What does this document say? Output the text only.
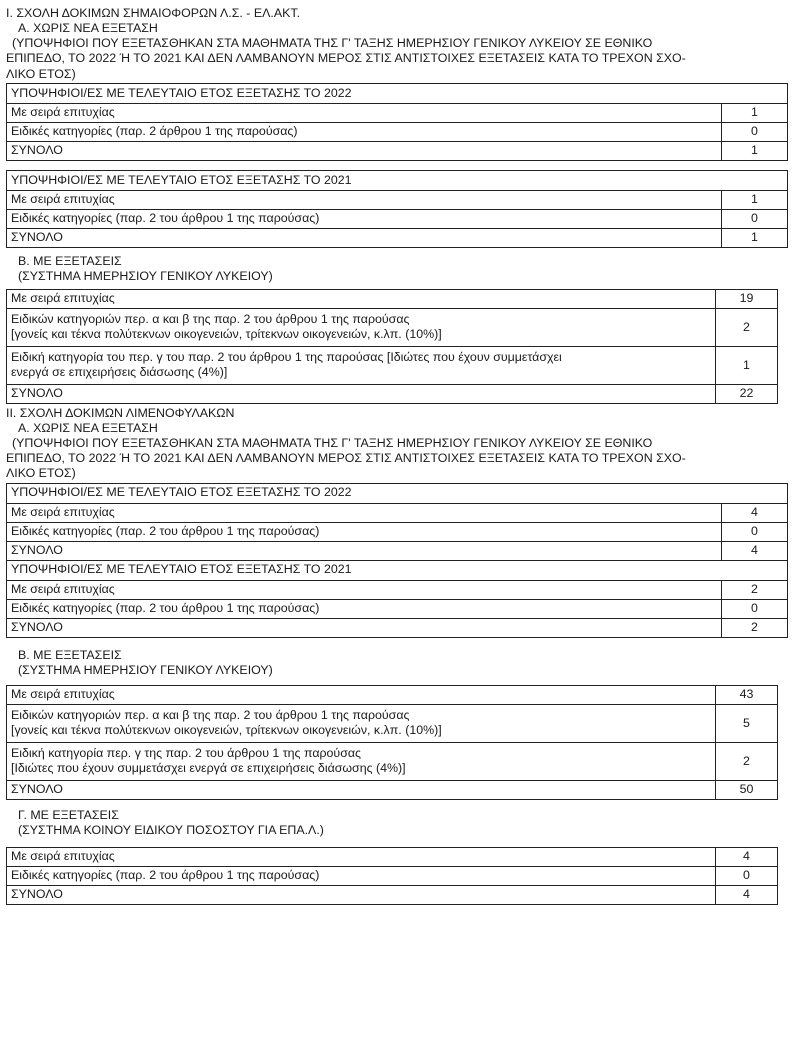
I. ΣΧΟΛΗ ΔΟΚΙΜΩΝ ΣΗΜΑΙΟΦΟΡΩΝ Λ.Σ. - ΕΛ.ΑΚΤ.
Α. ΧΩΡΙΣ ΝΕΑ ΕΞΕΤΑΣΗ
(ΥΠΟΨΗΦΙΟΙ ΠΟΥ ΕΞΕΤΑΣΘΗΚΑΝ ΣΤΑ ΜΑΘΗΜΑΤΑ ΤΗΣ Γ' ΤΑΞΗΣ ΗΜΕΡΗΣΙΟΥ ΓΕΝΙΚΟΥ ΛΥΚΕΙΟΥ ΣΕ ΕΘΝΙΚΟ
ΕΠΙΠΕΔΟ, ΤΟ 2022 Ή ΤΟ 2021 ΚΑΙ ΔΕΝ ΛΑΜΒΑΝΟΥΝ ΜΕΡΟΣ ΣΤΙΣ ΑΝΤΙΣΤΟΙΧΕΣ ΕΞΕΤΑΣΕΙΣ ΚΑΤΑ ΤΟ ΤΡΕΧΟΝ ΣΧΟ-
ΛΙΚΟ ΕΤΟΣ)
ΥΠΟΨΗΦΙΟΙ/ΕΣ ΜΕ ΤΕΛΕΥΤΑΙΟ ΕΤΟΣ ΕΞΕΤΑΣΗΣ ΤΟ 2022	
Με σειρά επιτυχίας	1
Ειδικές κατηγορίες (παρ. 2 άρθρου 1 της παρούσας)	0
ΣΥΝΟΛΟ	1
ΥΠΟΨΗΦΙΟΙ/ΕΣ ΜΕ ΤΕΛΕΥΤΑΙΟ ΕΤΟΣ ΕΞΕΤΑΣΗΣ ΤΟ 2021	
Με σειρά επιτυχίας	1
Ειδικές κατηγορίες (παρ. 2 του άρθρου 1 της παρούσας)	0
ΣΥΝΟΛΟ	1
Β. ΜΕ ΕΞΕΤΑΣΕΙΣ
(ΣΥΣΤΗΜΑ ΗΜΕΡΗΣΙΟΥ ΓΕΝΙΚΟΥ ΛΥΚΕΙΟΥ)
Με σειρά επιτυχίας	19

Ειδικών κατηγοριών περ. α και β της παρ. 2 του άρθρου 1 της παρούσας
[γονείς και τέκνα πολύτεκνων οικογενειών, τρίτεκνων οικογενειών, κ.λπ. (10%)]	2

Ειδική κατηγορία του περ. γ του παρ. 2 του άρθρου 1 της παρούσας [Ιδιώτες που έχουν συμμετάσχει
ενεργά σε επιχειρήσεις διάσωσης (4%)]	1
ΣΥΝΟΛΟ	22
ΙΙ. ΣΧΟΛΗ ΔΟΚΙΜΩΝ ΛΙΜΕΝΟΦΥΛΑΚΩΝ
Α. ΧΩΡΙΣ ΝΕΑ ΕΞΕΤΑΣΗ
(ΥΠΟΨΗΦΙΟΙ ΠΟΥ ΕΞΕΤΑΣΘΗΚΑΝ ΣΤΑ ΜΑΘΗΜΑΤΑ ΤΗΣ Γ' ΤΑΞΗΣ ΗΜΕΡΗΣΙΟΥ ΓΕΝΙΚΟΥ ΛΥΚΕΙΟΥ ΣΕ ΕΘΝΙΚΟ
ΕΠΙΠΕΔΟ, ΤΟ 2022 Ή ΤΟ 2021 ΚΑΙ ΔΕΝ ΛΑΜΒΑΝΟΥΝ ΜΕΡΟΣ ΣΤΙΣ ΑΝΤΙΣΤΟΙΧΕΣ ΕΞΕΤΑΣΕΙΣ ΚΑΤΑ ΤΟ ΤΡΕΧΟΝ ΣΧΟ-
ΛΙΚΟ ΕΤΟΣ)
ΥΠΟΨΗΦΙΟΙ/ΕΣ ΜΕ ΤΕΛΕΥΤΑΙΟ ΕΤΟΣ ΕΞΕΤΑΣΗΣ ΤΟ 2022	
Με σειρά επιτυχίας	4
Ειδικές κατηγορίες (παρ. 2 του άρθρου 1 της παρούσας)	0
ΣΥΝΟΛΟ	4
ΥΠΟΨΗΦΙΟΙ/ΕΣ ΜΕ ΤΕΛΕΥΤΑΙΟ ΕΤΟΣ ΕΞΕΤΑΣΗΣ ΤΟ 2021	
Με σειρά επιτυχίας	2
Ειδικές κατηγορίες (παρ. 2 του άρθρου 1 της παρούσας)	0
ΣΥΝΟΛΟ	2
Β. ΜΕ ΕΞΕΤΑΣΕΙΣ
(ΣΥΣΤΗΜΑ ΗΜΕΡΗΣΙΟΥ ΓΕΝΙΚΟΥ ΛΥΚΕΙΟΥ)
Με σειρά επιτυχίας	43

Ειδικών κατηγοριών περ. α και β της παρ. 2 του άρθρου 1 της παρούσας
[γονείς και τέκνα πολύτεκνων οικογενειών, τρίτεκνων οικογενειών, κ.λπ. (10%)]	5

Ειδική κατηγορία περ. γ της παρ. 2 του άρθρου 1 της παρούσας
[Ιδιώτες που έχουν συμμετάσχει ενεργά σε επιχειρήσεις διάσωσης (4%)]	2
ΣΥΝΟΛΟ	50
Γ. ΜΕ ΕΞΕΤΑΣΕΙΣ
(ΣΥΣΤΗΜΑ ΚΟΙΝΟΥ ΕΙΔΙΚΟΥ ΠΟΣΟΣΤΟΥ ΓΙΑ ΕΠΑ.Λ.)
Με σειρά επιτυχίας	4
Ειδικές κατηγορίες (παρ. 2 του άρθρου 1 της παρούσας)	0
ΣΥΝΟΛΟ	4
